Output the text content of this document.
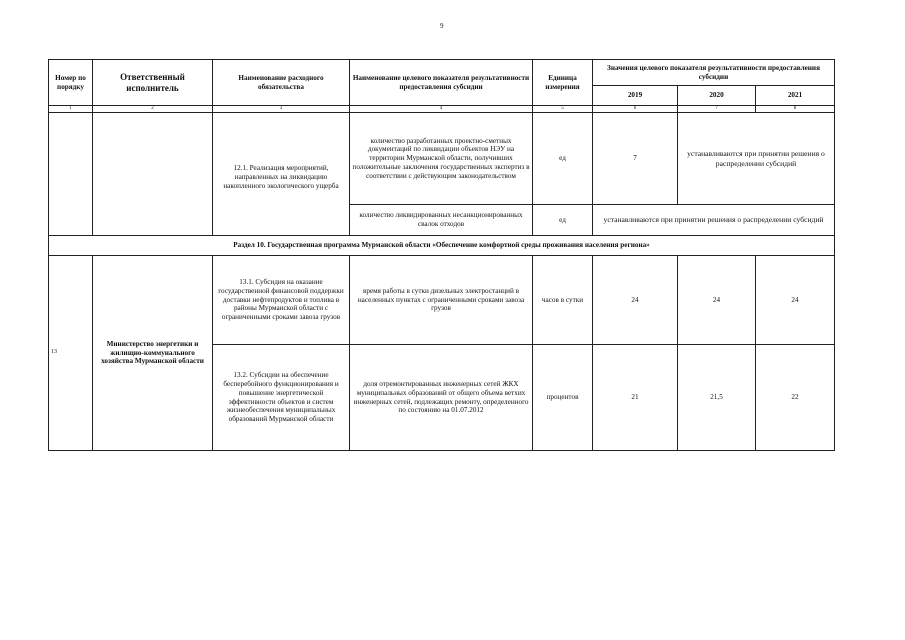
9
Номер по порядку	Ответственный исполнитель	Наименование расходного обязательства	Наименование целевого показателя результативности предоставления субсидии	Единица измерения	Значения целевого показателя результативности предоставления субсидии		
					2019	2020	2021
1	2	3	4	5	6	7	8
		12.1. Реализация мероприятий, направленных на ликвидацию накопленного экологического ущерба	количество разработанных проектно-сметных документаций по ликвидации объектов НЭУ на территории Мурманской области, получивших положительные заключения государственных экспертиз в соответствии с действующим законодательством	ед	7	устанавливаются при принятии решения о распределении субсидий	
			количество ликвидированных несанкционированных свалок отходов	ед	устанавливаются при принятии решения о распределении субсидий		
Раздел 10. Государственная программа Мурманской области «Обеспечение комфортной среды проживания населения региона»							
13	Министерство энергетики и жилищно-коммунального хозяйства Мурманской области	13.1. Субсидия на оказание государственной финансовой поддержки доставки нефтепродуктов и топлива в районы Мурманской области с ограниченными сроками завоза грузов	время работы в сутки дизельных электростанций в населенных пунктах с ограниченными сроками завоза грузов	часов в сутки	24	24	24
		13.2. Субсидии на обеспечение бесперебойного функционирования и повышение энергетической эффективности объектов и систем жизнеобеспечения муниципальных образований Мурманской области	доля отремонтированных инженерных сетей ЖКХ муниципальных образований от общего объема ветхих инженерных сетей, подлежащих ремонту, определенного по состоянию на 01.07.2012	процентов	21	21,5	22
